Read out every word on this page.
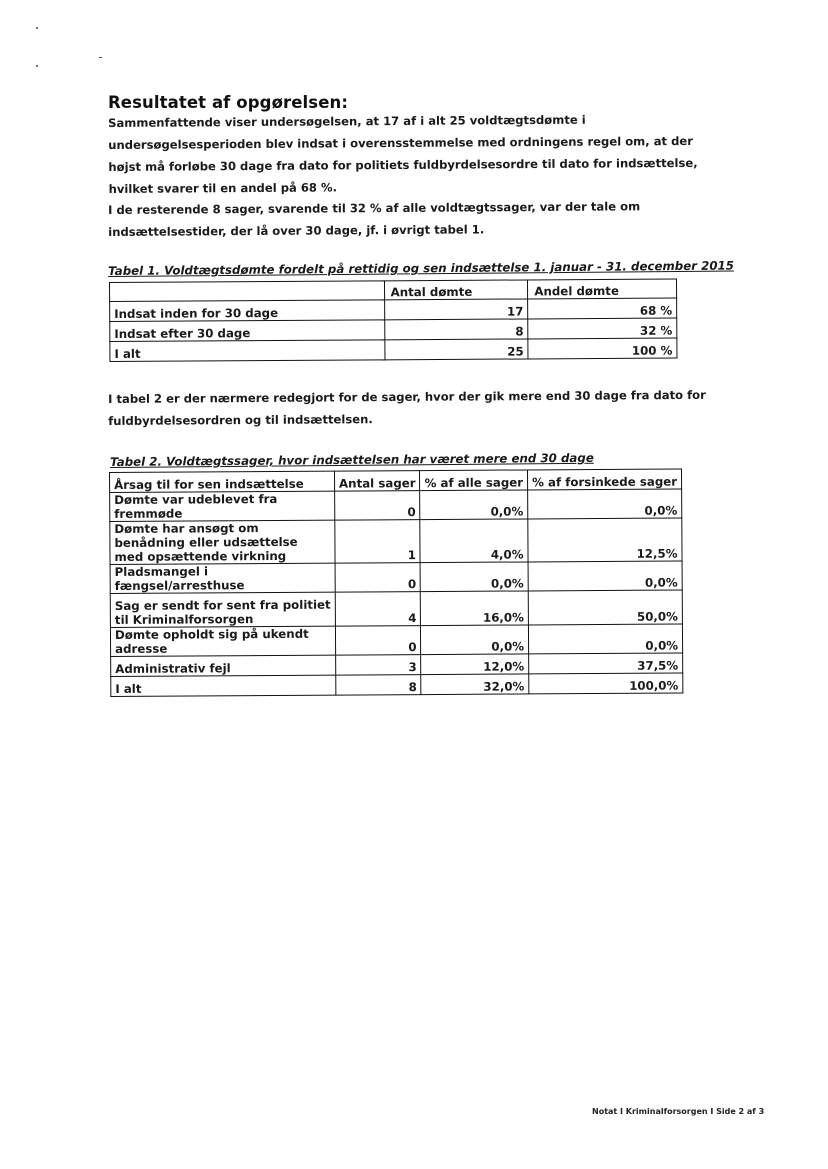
Resultatet af opgørelsen:
Sammenfattende viser undersøgelsen, at 17 af i alt 25 voldtægtsdømte i undersøgelsesperioden blev indsat i overensstemmelse med ordningens regel om, at der højst må forløbe 30 dage fra dato for politiets fuldbyrdelsesordre til dato for indsættelse, hvilket svarer til en andel på 68 %.
I de resterende 8 sager, svarende til 32 % af alle voldtægtssager, var der tale om indsættelsestider, der lå over 30 dage, jf. i øvrigt tabel 1.
Tabel 1. Voldtægtsdømte fordelt på rettidig og sen indsættelse 1. januar - 31. december 2015
	Antal dømte	Andel dømte
Indsat inden for 30 dage	17	68 %
Indsat efter 30 dage	8	32 %
I alt	25	100 %
I tabel 2 er der nærmere redegjort for de sager, hvor der gik mere end 30 dage fra dato for fuldbyrdelsesordren og til indsættelsen.
Tabel 2. Voldtægtssager, hvor indsættelsen har været mere end 30 dage
Årsag til for sen indsættelse	Antal sager	% af alle sager	% af forsinkede sager
Dømte var udeblevet fra fremmøde	0	0,0%	0,0%
Dømte har ansøgt om benådning eller udsættelse med opsættende virkning	1	4,0%	12,5%
Pladsmangel i fængsel/arresthuse	0	0,0%	0,0%
Sag er sendt for sent fra politiet til Kriminalforsorgen	4	16,0%	50,0%
Dømte opholdt sig på ukendt adresse	0	0,0%	0,0%
Administrativ fejl	3	12,0%	37,5%
I alt	8	32,0%	100,0%
Notat I Kriminalforsorgen I Side 2 af 3
